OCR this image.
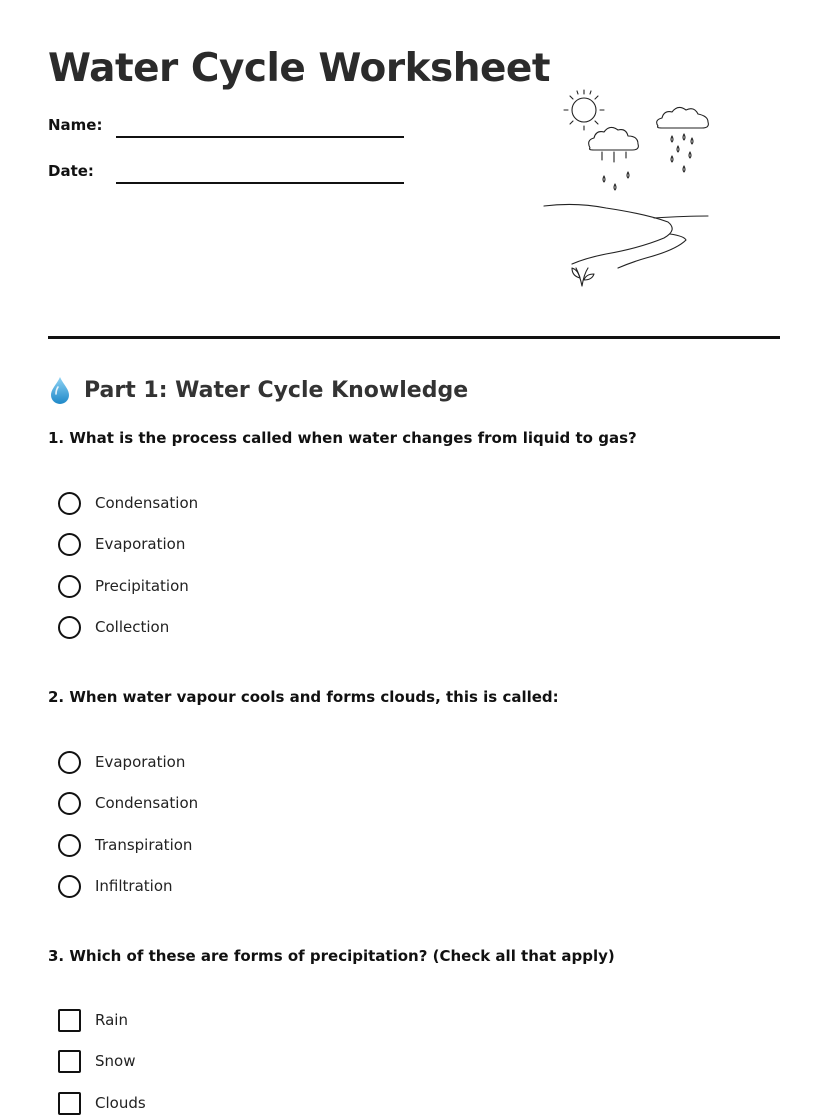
Water Cycle Worksheet
Name:
Date:
Part 1: Water Cycle Knowledge

1. What is the process called when water changes from liquid to gas?

Condensation
Evaporation
Precipitation
Collection

2. When water vapour cools and forms clouds, this is called:

Evaporation
Condensation
Transpiration
Infiltration

3. Which of these are forms of precipitation? (Check all that apply)

Rain
Snow
Clouds
